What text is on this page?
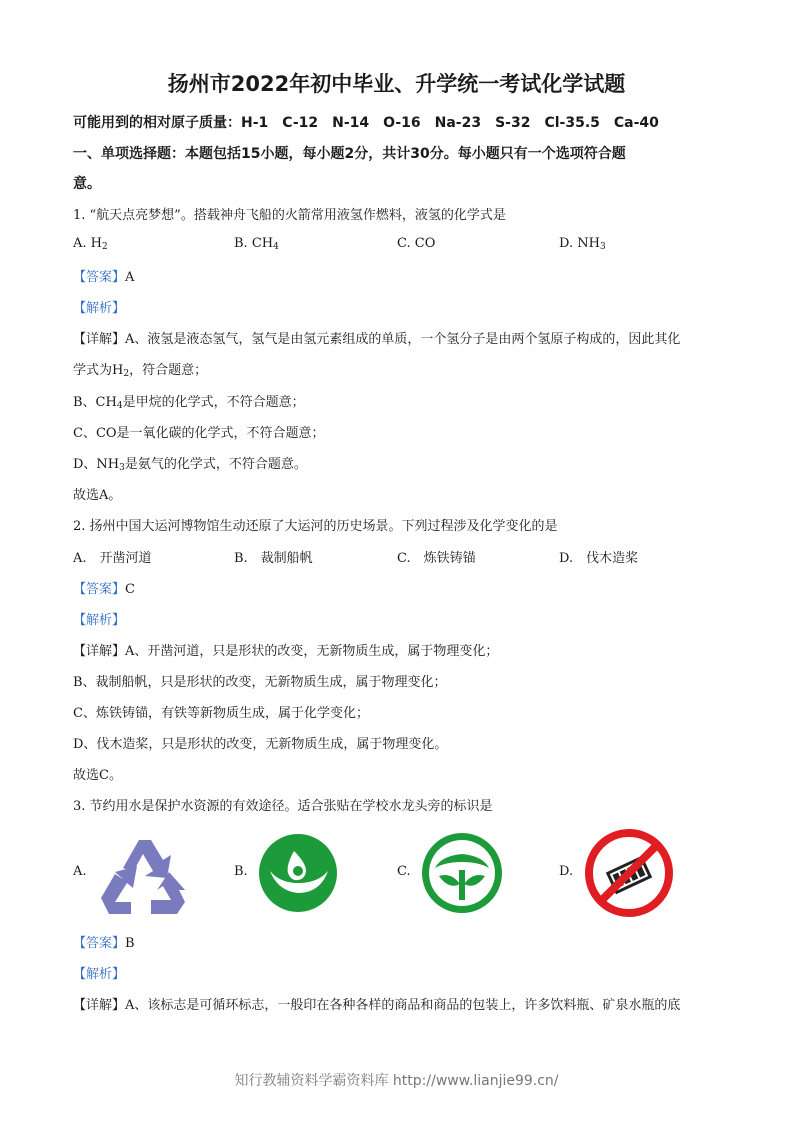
扬州市2022年初中毕业、升学统一考试化学试题
可能用到的相对原子质量：H-1　C-12　N-14　O-16　Na-23　S-32　Cl-35.5　Ca-40
一、单项选择题：本题包括15小题，每小题2分，共计30分。每小题只有一个选项符合题
意。
1. “航天点亮梦想”。搭载神舟飞船的火箭常用液氢作燃料，液氢的化学式是
A. $H_2$	B. $CH_4$	C. CO	D. $NH_3$
【答案】A
【解析】
【详解】A、液氢是液态氢气，氢气是由氢元素组成的单质，一个氢分子是由两个氢原子构成的，因此其化
学式为$H_2$，符合题意；
B、$CH_4$是甲烷的化学式，不符合题意；
C、CO是一氧化碳的化学式，不符合题意；
D、$NH_3$是氨气的化学式，不符合题意。
故选A。
2. 扬州中国大运河博物馆生动还原了大运河的历史场景。下列过程涉及化学变化的是
A.　开凿河道	B.　裁制船帆	C.　炼铁铸锚	D.　伐木造桨
【答案】C
【解析】
【详解】A、开凿河道，只是形状的改变，无新物质生成，属于物理变化；
B、裁制船帆，只是形状的改变，无新物质生成，属于物理变化；
C、炼铁铸锚，有铁等新物质生成，属于化学变化；
D、伐木造桨，只是形状的改变，无新物质生成，属于物理变化。
故选C。
3. 节约用水是保护水资源的有效途径。适合张贴在学校水龙头旁的标识是
A.	B.	C.	D.
【答案】B
【解析】
【详解】A、该标志是可循环标志，一般印在各种各样的商品和商品的包装上，许多饮料瓶、矿泉水瓶的底
知行教辅资料学霸资料库 http://www.lianjie99.cn/
